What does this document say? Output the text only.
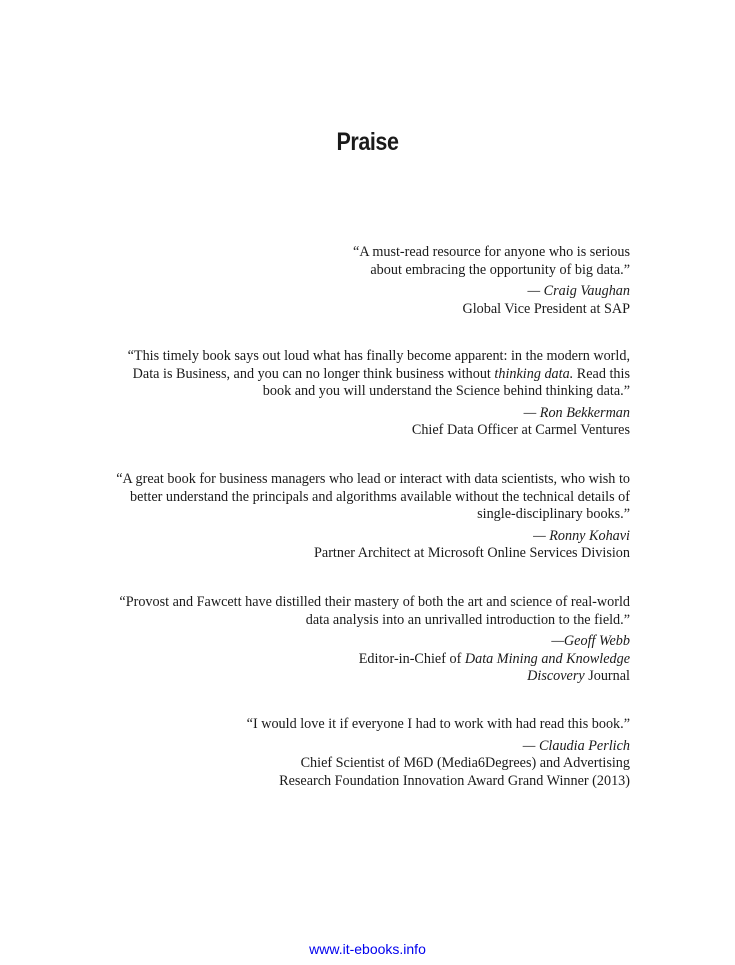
Praise
“A must-read resource for anyone who is serious
about embracing the opportunity of big data.”
— Craig Vaughan
Global Vice President at SAP
“This timely book says out loud what has finally become apparent: in the modern world,
Data is Business, and you can no longer think business without thinking data. Read this
book and you will understand the Science behind thinking data.”
— Ron Bekkerman
Chief Data Officer at Carmel Ventures
“A great book for business managers who lead or interact with data scientists, who wish to
better understand the principals and algorithms available without the technical details of
single-disciplinary books.”
— Ronny Kohavi
Partner Architect at Microsoft Online Services Division
“Provost and Fawcett have distilled their mastery of both the art and science of real-world
data analysis into an unrivalled introduction to the field.”
—Geoff Webb
Editor-in-Chief of Data Mining and Knowledge
Discovery Journal
“I would love it if everyone I had to work with had read this book.”
— Claudia Perlich
Chief Scientist of M6D (Media6Degrees) and Advertising
Research Foundation Innovation Award Grand Winner (2013)
www.it-ebooks.info
